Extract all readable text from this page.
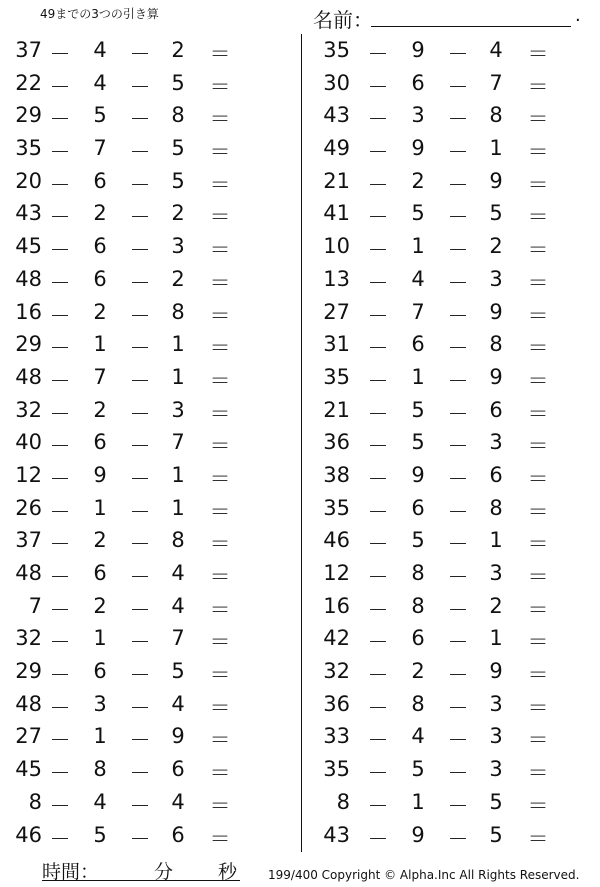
49までの3つの引き算	名前：	.
37 －	4	－ 2	＝
22 －	4	－ 5	＝
29 －	5	－ 8	＝
35 －	7	－ 5	＝
20 －	6	－ 5	＝
43 －	2	－ 2	＝
45 －	6	－ 3	＝
48 －	6	－ 2	＝
16 －	2	－ 8	＝
29 －	1	－ 1	＝
48 －	7	－ 1	＝
32 －	2	－ 3	＝
40 －	6	－ 7	＝
12 －	9	－ 1	＝
26 －	1	－ 1	＝
37 －	2	－ 8	＝
48 －	6	－ 4	＝
7 －	2	－ 4	＝
32 －	1	－ 7	＝
29 －	6	－ 5	＝
48 －	3	－ 4	＝
27 －	1	－ 9	＝
45 －	8	－ 6	＝
8 －	4	－ 4	＝
46 －	5	－ 6	＝
35 －	9	－ 4	＝
30 －	6	－ 7	＝
43 －	3	－ 8	＝
49 －	9	－ 1	＝
21 －	2	－ 9	＝
41 －	5	－ 5	＝
10 －	1	－ 2	＝
13 －	4	－ 3	＝
27 －	7	－ 9	＝
31 －	6	－ 8	＝
35 －	1	－ 9	＝
21 －	5	－ 6	＝
36 －	5	－ 3	＝
38 －	9	－ 6	＝
35 －	6	－ 8	＝
46 －	5	－ 1	＝
12 －	8	－ 3	＝
16 －	8	－ 2	＝
42 －	6	－ 1	＝
32 －	2	－ 9	＝
36 －	8	－ 3	＝
33 －	4	－ 3	＝
35 －	5	－ 3	＝
8 －	1	－ 5	＝
43 －	9	－ 5	＝
時間：	分 秒	199/400 Copyright © Alpha.Inc All Rights Reserved.
